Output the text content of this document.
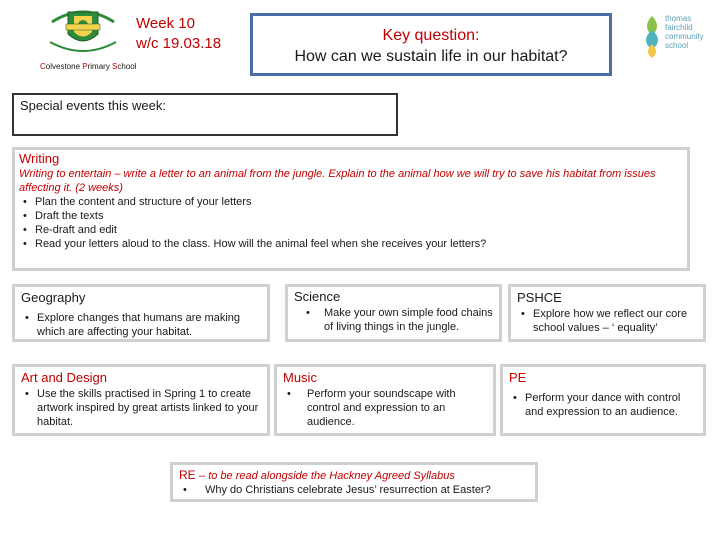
Colvestone Primary School
Week 10
w/c 19.03.18	Key question:
How can we sustain life in our habitat?
thomas
fairchild
community
school
Special events this week:
Writing
Writing to entertain – write a letter to an animal from the jungle. Explain to the animal how we will try to save his habitat from issues affecting it. (2 weeks)
• Plan the content and structure of your letters
• Draft the texts
• Re-draft and edit
• Read your letters aloud to the class. How will the animal feel when she receives your letters?
Geography
• Explore changes that humans are making which are affecting your habitat.
Science
• Make your own simple food chains of living things in the jungle.
PSHCE
• Explore how we reflect our core school values – ‘ equality’
Art and Design
• Use the skills practised in Spring 1 to create artwork inspired by great artists linked to your habitat.
Music
• Perform your soundscape with control and expression to an audience.
PE
• Perform your dance with control and expression to an audience.
RE – to be read alongside the Hackney Agreed Syllabus
• Why do Christians celebrate Jesus’ resurrection at Easter?
